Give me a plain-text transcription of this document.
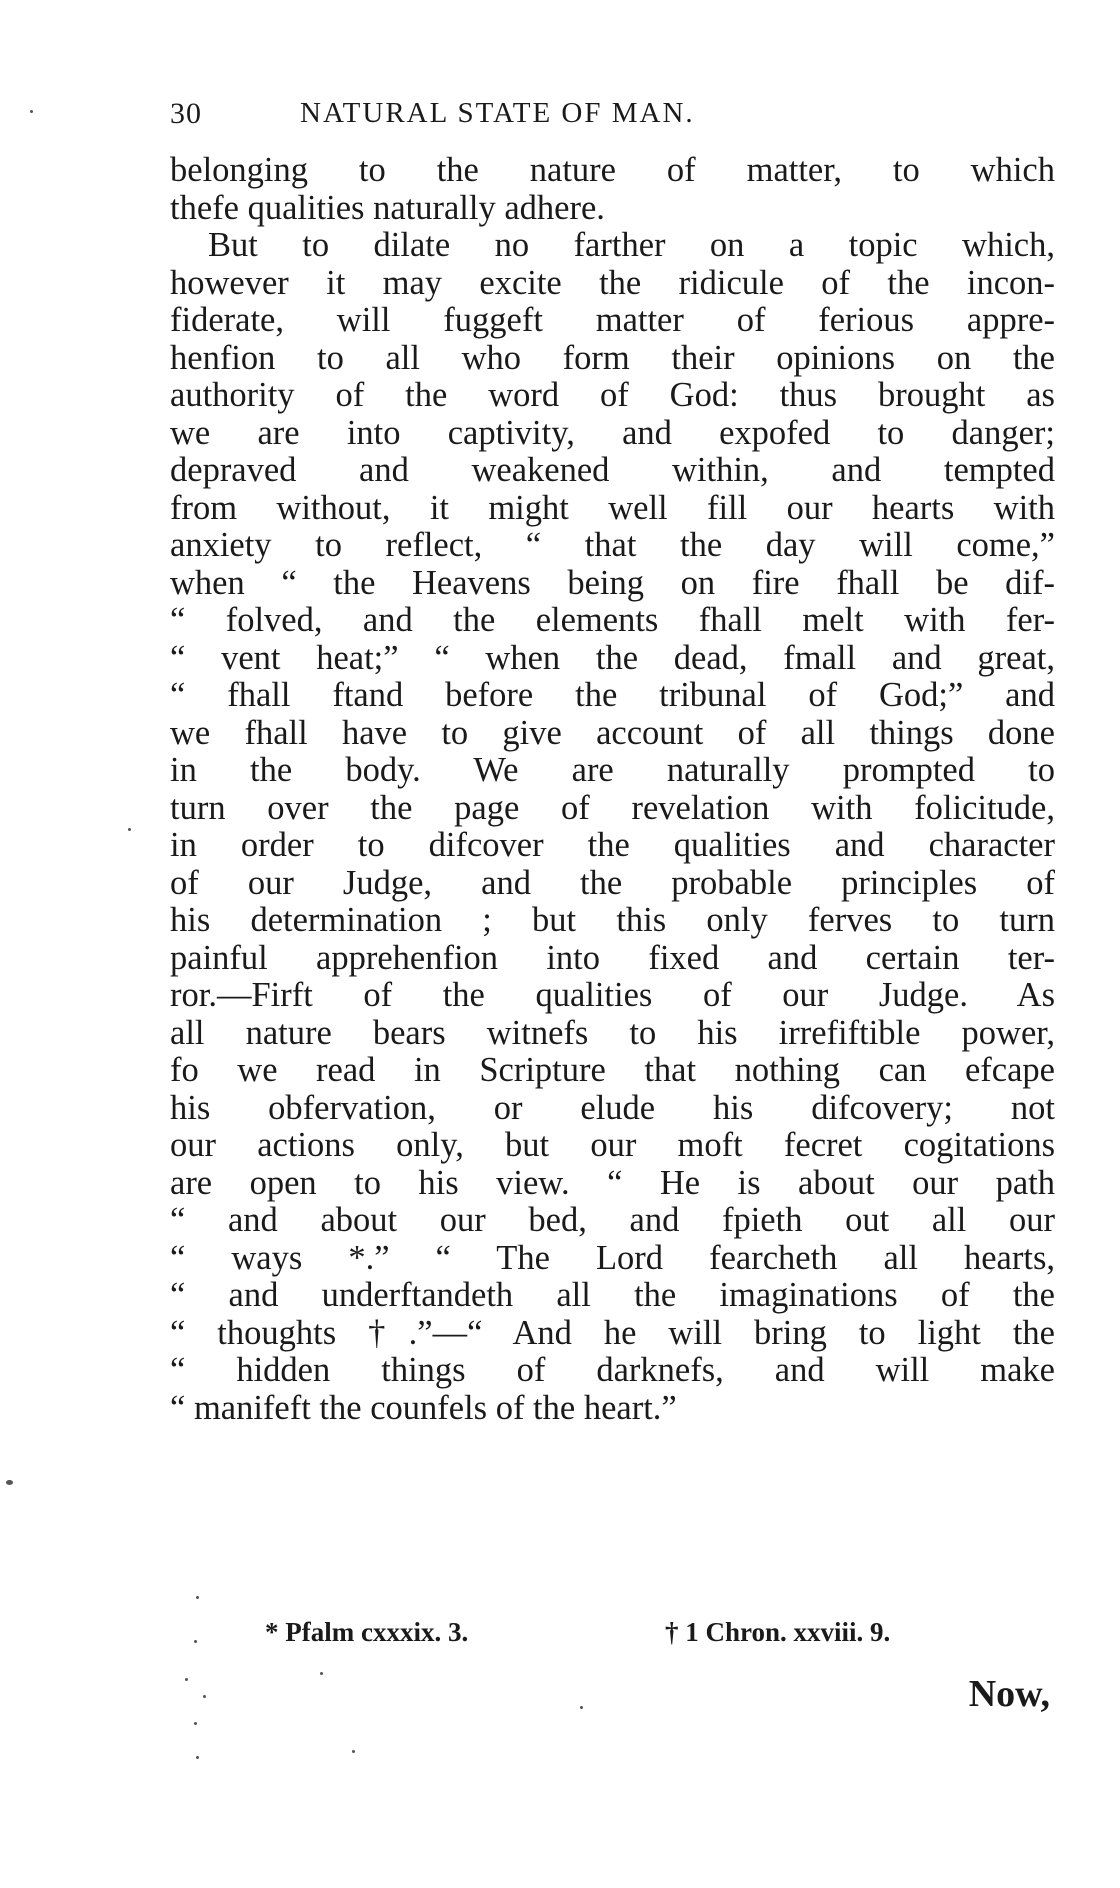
30	NATURAL STATE OF MAN.
belonging to the nature of matter, to which
thefe qualities naturally adhere.
But to dilate no farther on a topic which,
however it may excite the ridicule of the incon-
fiderate, will fuggeft matter of ferious appre-
henfion to all who form their opinions on the
authority of the word of God: thus brought as
we are into captivity, and expofed to danger;
depraved and weakened within, and tempted
from without, it might well fill our hearts with
anxiety to reflect, “ that the day will come,”
when “ the Heavens being on fire fhall be dif-
“ folved, and the elements fhall melt with fer-
“ vent heat;” “ when the dead, fmall and great,
“ fhall ftand before the tribunal of God;” and
we fhall have to give account of all things done
in the body. We are naturally prompted to
turn over the page of revelation with folicitude,
in order to difcover the qualities and character
of our Judge, and the probable principles of
his determination ; but this only ferves to turn
painful apprehenfion into fixed and certain ter-
ror.—Firft of the qualities of our Judge. As
all nature bears witnefs to his irrefiftible power,
fo we read in Scripture that nothing can efcape
his obfervation, or elude his difcovery; not
our actions only, but our moft fecret cogitations
are open to his view. “ He is about our path
“ and about our bed, and fpieth out all our
“ ways *.” “ The Lord fearcheth all hearts,
“ and underftandeth all the imaginations of the
“ thoughts †.”—“ And he will bring to light the
“ hidden things of darknefs, and will make
“ manifeft the counfels of the heart.”
* Pfalm cxxxix. 3.	† 1 Chron. xxviii. 9.
Now,
